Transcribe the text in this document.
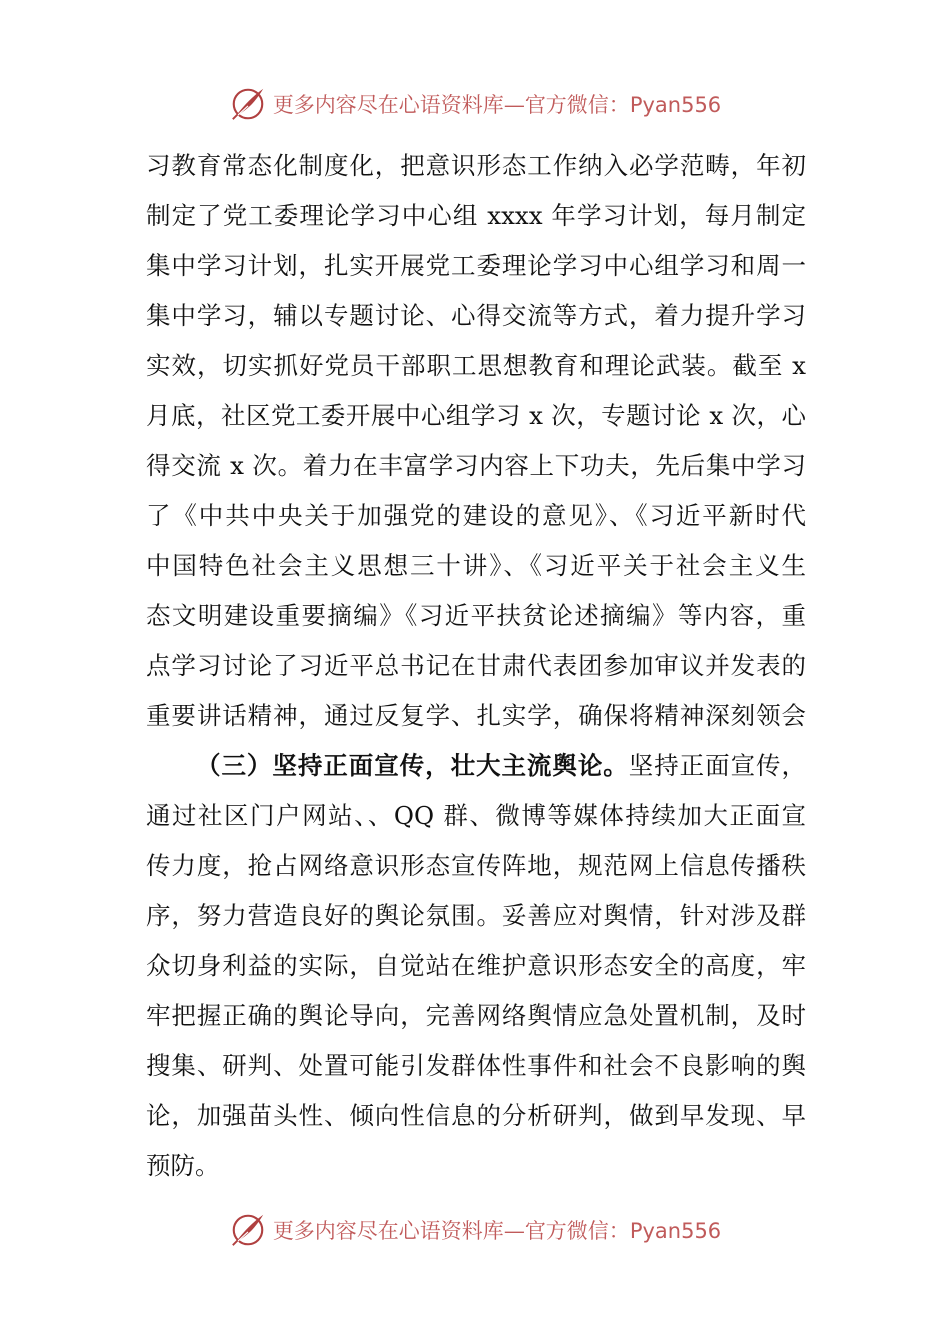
更多内容尽在心语资料库—官方微信：Pyan556
习教育常态化制度化，把意识形态工作纳入必学范畴，年初
制定了党工委理论学习中心组 xxxx 年学习计划，每月制定
集中学习计划，扎实开展党工委理论学习中心组学习和周一
集中学习，辅以专题讨论、心得交流等方式，着力提升学习
实效，切实抓好党员干部职工思想教育和理论武装。截至 x
月底，社区党工委开展中心组学习 x 次，专题讨论 x 次，心
得交流 x 次。着力在丰富学习内容上下功夫，先后集中学习
了《中共中央关于加强党的建设的意见》、《习近平新时代
中国特色社会主义思想三十讲》、《习近平关于社会主义生
态文明建设重要摘编》《习近平扶贫论述摘编》等内容，重
点学习讨论了习近平总书记在甘肃代表团参加审议并发表的
重要讲话精神，通过反复学、扎实学，确保将精神深刻领会
（三）坚持正面宣传，壮大主流舆论。坚持正面宣传，
通过社区门户网站、、QQ 群、微博等媒体持续加大正面宣
传力度，抢占网络意识形态宣传阵地，规范网上信息传播秩
序，努力营造良好的舆论氛围。妥善应对舆情，针对涉及群
众切身利益的实际，自觉站在维护意识形态安全的高度，牢
牢把握正确的舆论导向，完善网络舆情应急处置机制，及时
搜集、研判、处置可能引发群体性事件和社会不良影响的舆
论，加强苗头性、倾向性信息的分析研判，做到早发现、早
预防。
更多内容尽在心语资料库—官方微信：Pyan556
